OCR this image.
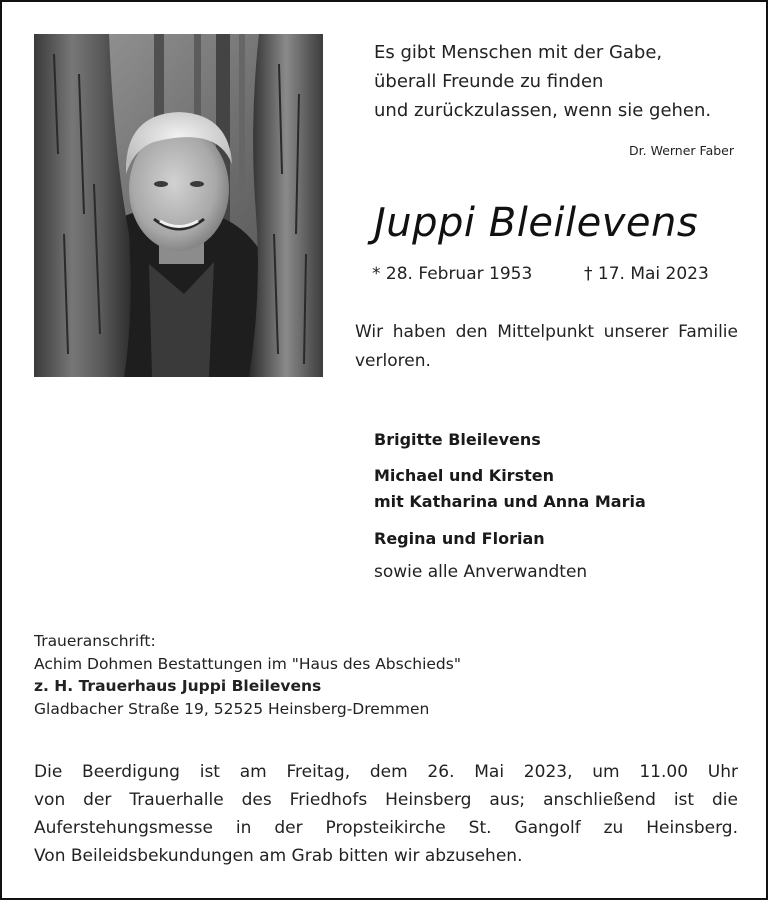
Es gibt Menschen mit der Gabe,
überall Freunde zu finden
und zurückzulassen, wenn sie gehen.
Dr. Werner Faber
Juppi Bleilevens
* 28. Februar 1953	† 17. Mai 2023
Wir haben den Mittelpunkt unserer Familie verloren.
Brigitte Bleilevens
Michael und Kirsten
mit Katharina und Anna Maria
Regina und Florian
sowie alle Anverwandten
Traueranschrift:
Achim Dohmen Bestattungen im "Haus des Abschieds"
z. H. Trauerhaus Juppi Bleilevens
Gladbacher Straße 19, 52525 Heinsberg-Dremmen
Die Beerdigung ist am Freitag, dem 26. Mai 2023, um 11.00 Uhr
von der Trauerhalle des Friedhofs Heinsberg aus; anschließend ist die
Auferstehungsmesse in der Propsteikirche St. Gangolf zu Heinsberg.
Von Beileidsbekundungen am Grab bitten wir abzusehen.
